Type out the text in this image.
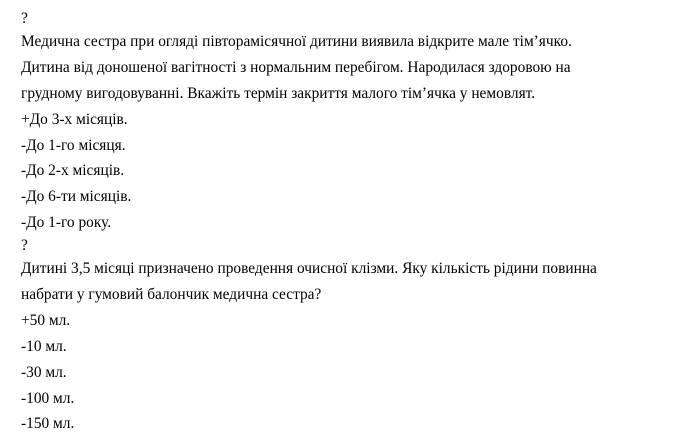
?
Медична сестра при огляді півторамісячної дитини виявила відкрите мале тім’ячко.
Дитина від доношеної вагітності з нормальним перебігом. Народилася здоровою на
грудному вигодовуванні. Вкажіть термін закриття малого тім’ячка у немовлят.
+До 3-х місяців.
-До 1-го місяця.
-До 2-х місяців.
-До 6-ти місяців.
-До 1-го року.
?
Дитині 3,5 місяці призначено проведення очисної клізми. Яку кількість рідини повинна
набрати у гумовий балончик медична сестра?
+50 мл.
-10 мл.
-30 мл.
-100 мл.
-150 мл.
